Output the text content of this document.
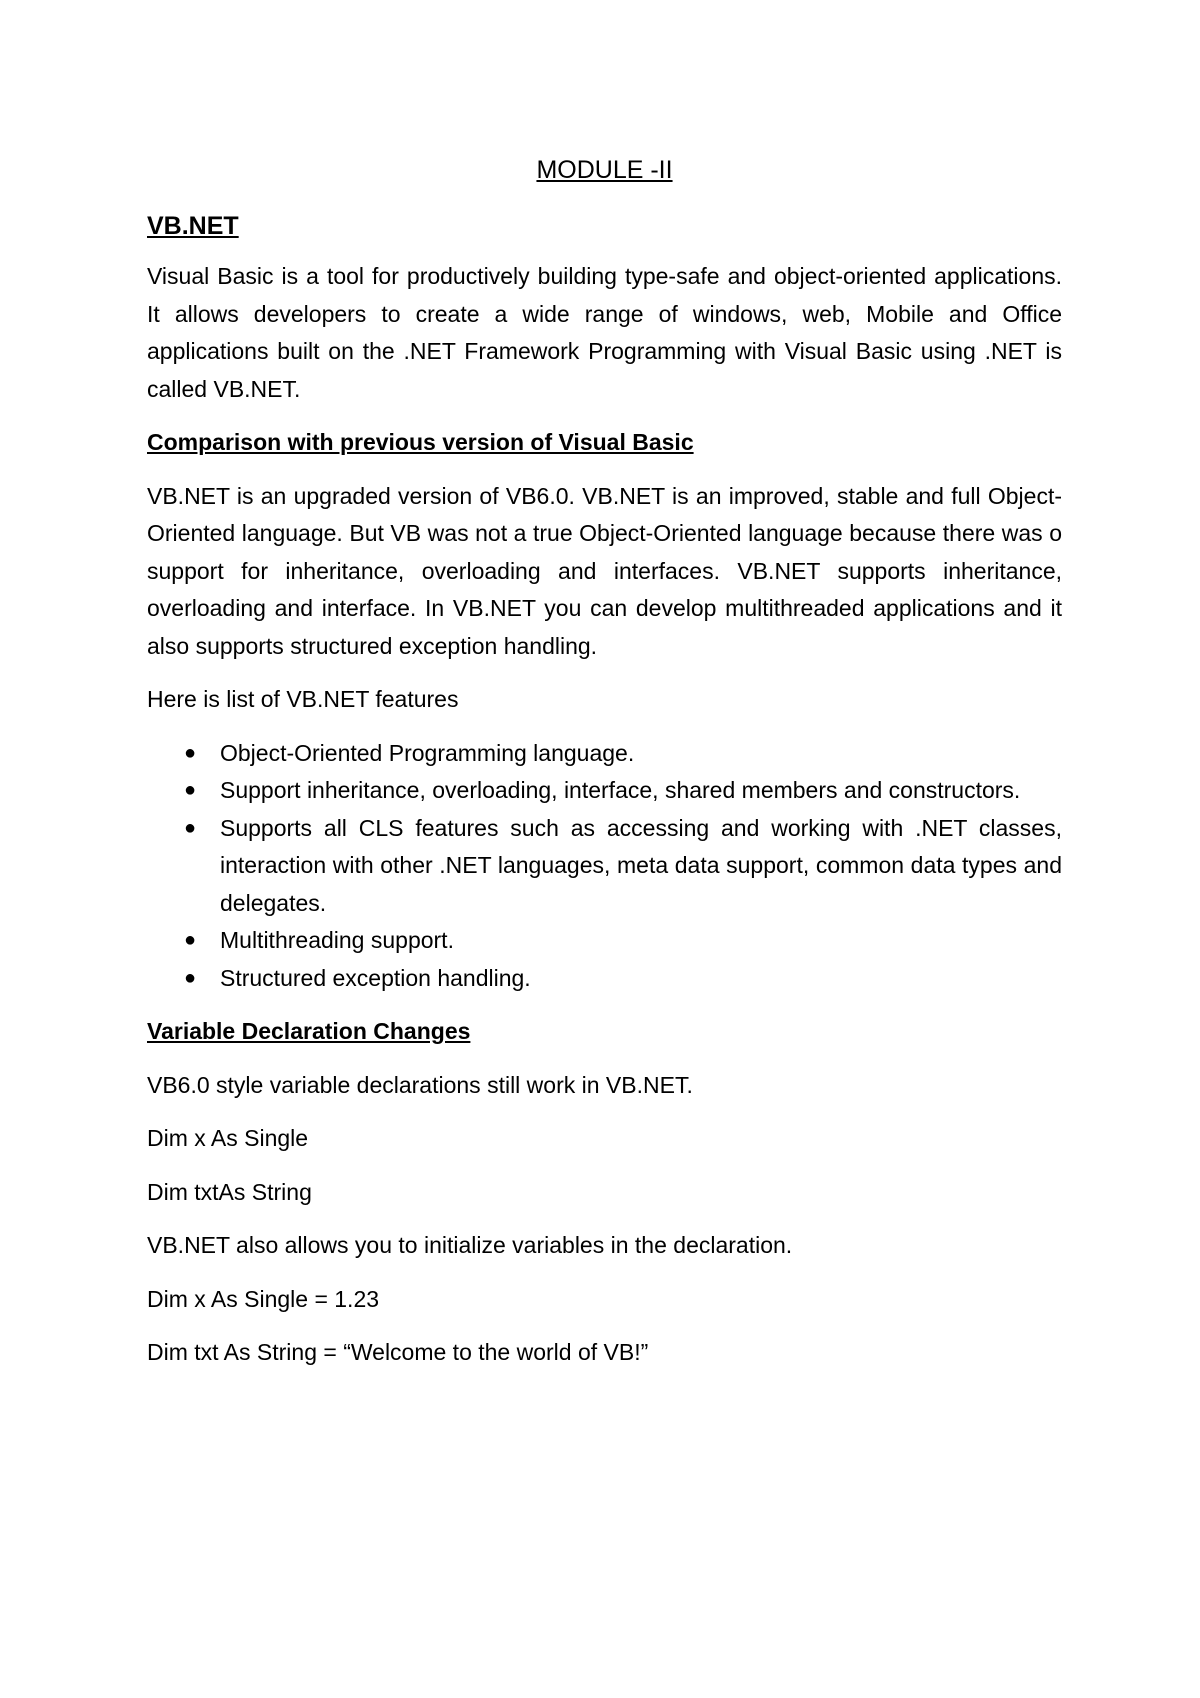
MODULE -II
VB.NET

Visual Basic is a tool for productively building type-safe and object-oriented applications. It allows developers to create a wide range of windows, web, Mobile and Office applications built on the .NET Framework Programming with Visual Basic using .NET is called VB.NET.

Comparison with previous version of Visual Basic

VB.NET is an upgraded version of VB6.0. VB.NET is an improved, stable and full Object-Oriented language. But VB was not a true Object-Oriented language because there was o support for inheritance, overloading and interfaces. VB.NET supports inheritance, overloading and interface. In VB.NET you can develop multithreaded applications and it also supports structured exception handling.

Here is list of VB.NET features

● Object-Oriented Programming language.
● Support inheritance, overloading, interface, shared members and constructors.
● Supports all CLS features such as accessing and working with .NET classes, interaction with other .NET languages, meta data support, common data types and delegates.
● Multithreading support.
● Structured exception handling.
Variable Declaration Changes

VB6.0 style variable declarations still work in VB.NET.

Dim x As Single

Dim txtAs String

VB.NET also allows you to initialize variables in the declaration.

Dim x As Single = 1.23

Dim txt As String = “Welcome to the world of VB!”
